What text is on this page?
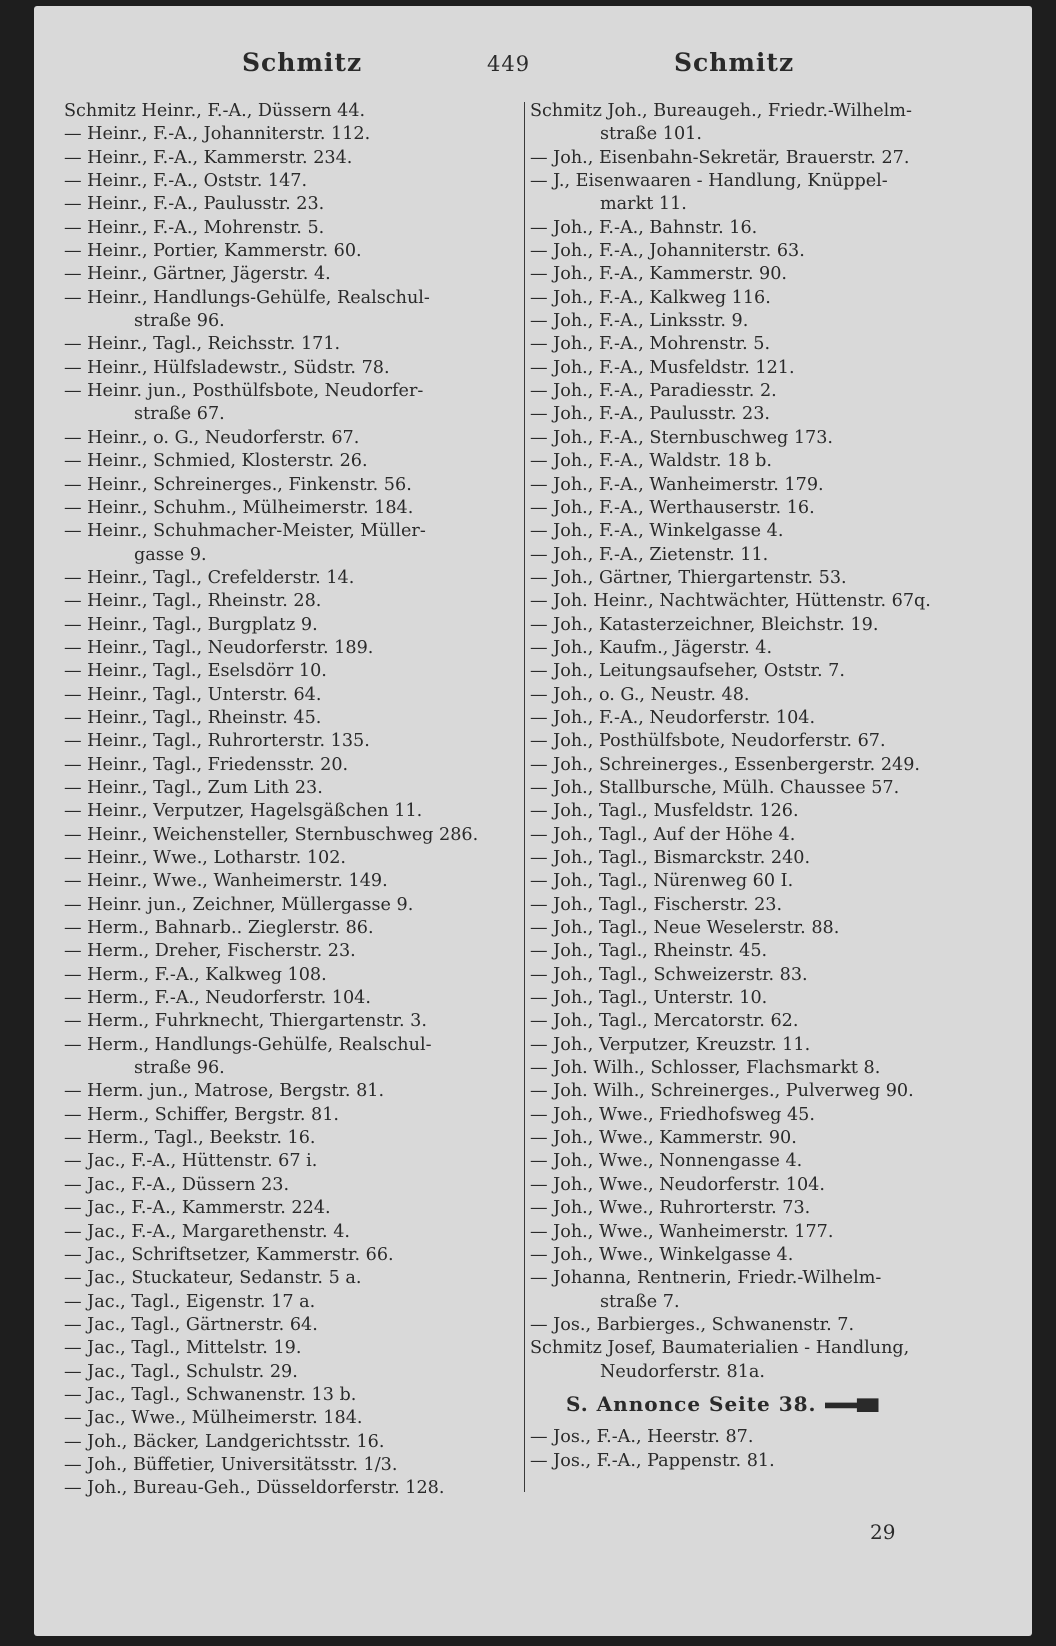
Schmitz	449	Schmitz
Schmitz Heinr., F.-A., Düssern 44.
— Heinr., F.-A., Johanniterstr. 112.
— Heinr., F.-A., Kammerstr. 234.
— Heinr., F.-A., Oststr. 147.
— Heinr., F.-A., Paulusstr. 23.
— Heinr., F.-A., Mohrenstr. 5.
— Heinr., Portier, Kammerstr. 60.
— Heinr., Gärtner, Jägerstr. 4.
— Heinr., Handlungs-Gehülfe, Realschul-
straße 96.
— Heinr., Tagl., Reichsstr. 171.
— Heinr., Hülfsladewstr., Südstr. 78.
— Heinr. jun., Posthülfsbote, Neudorfer-
straße 67.
— Heinr., o. G., Neudorferstr. 67.
— Heinr., Schmied, Klosterstr. 26.
— Heinr., Schreinerges., Finkenstr. 56.
— Heinr., Schuhm., Mülheimerstr. 184.
— Heinr., Schuhmacher-Meister, Müller-
gasse 9.
— Heinr., Tagl., Crefelderstr. 14.
— Heinr., Tagl., Rheinstr. 28.
— Heinr., Tagl., Burgplatz 9.
— Heinr., Tagl., Neudorferstr. 189.
— Heinr., Tagl., Eselsdörr 10.
— Heinr., Tagl., Unterstr. 64.
— Heinr., Tagl., Rheinstr. 45.
— Heinr., Tagl., Ruhrorterstr. 135.
— Heinr., Tagl., Friedensstr. 20.
— Heinr., Tagl., Zum Lith 23.
— Heinr., Verputzer, Hagelsgäßchen 11.
— Heinr., Weichensteller, Sternbuschweg 286.
— Heinr., Wwe., Lotharstr. 102.
— Heinr., Wwe., Wanheimerstr. 149.
— Heinr. jun., Zeichner, Müllergasse 9.
— Herm., Bahnarb.. Zieglerstr. 86.
— Herm., Dreher, Fischerstr. 23.
— Herm., F.-A., Kalkweg 108.
— Herm., F.-A., Neudorferstr. 104.
— Herm., Fuhrknecht, Thiergartenstr. 3.
— Herm., Handlungs-Gehülfe, Realschul-
straße 96.
— Herm. jun., Matrose, Bergstr. 81.
— Herm., Schiffer, Bergstr. 81.
— Herm., Tagl., Beekstr. 16.
— Jac., F.-A., Hüttenstr. 67 i.
— Jac., F.-A., Düssern 23.
— Jac., F.-A., Kammerstr. 224.
— Jac., F.-A., Margarethenstr. 4.
— Jac., Schriftsetzer, Kammerstr. 66.
— Jac., Stuckateur, Sedanstr. 5 a.
— Jac., Tagl., Eigenstr. 17 a.
— Jac., Tagl., Gärtnerstr. 64.
— Jac., Tagl., Mittelstr. 19.
— Jac., Tagl., Schulstr. 29.
— Jac., Tagl., Schwanenstr. 13 b.
— Jac., Wwe., Mülheimerstr. 184.
— Joh., Bäcker, Landgerichtsstr. 16.
— Joh., Büffetier, Universitätsstr. 1/3.
— Joh., Bureau-Geh., Düsseldorferstr. 128.
Schmitz Joh., Bureaugeh., Friedr.-Wilhelm-
straße 101.
— Joh., Eisenbahn-Sekretär, Brauerstr. 27.
— J., Eisenwaaren - Handlung, Knüppel-
markt 11.
— Joh., F.-A., Bahnstr. 16.
— Joh., F.-A., Johanniterstr. 63.
— Joh., F.-A., Kammerstr. 90.
— Joh., F.-A., Kalkweg 116.
— Joh., F.-A., Linksstr. 9.
— Joh., F.-A., Mohrenstr. 5.
— Joh., F.-A., Musfeldstr. 121.
— Joh., F.-A., Paradiesstr. 2.
— Joh., F.-A., Paulusstr. 23.
— Joh., F.-A., Sternbuschweg 173.
— Joh., F.-A., Waldstr. 18 b.
— Joh., F.-A., Wanheimerstr. 179.
— Joh., F.-A., Werthauserstr. 16.
— Joh., F.-A., Winkelgasse 4.
— Joh., F.-A., Zietenstr. 11.
— Joh., Gärtner, Thiergartenstr. 53.
— Joh. Heinr., Nachtwächter, Hüttenstr. 67q.
— Joh., Katasterzeichner, Bleichstr. 19.
— Joh., Kaufm., Jägerstr. 4.
— Joh., Leitungsaufseher, Oststr. 7.
— Joh., o. G., Neustr. 48.
— Joh., F.-A., Neudorferstr. 104.
— Joh., Posthülfsbote, Neudorferstr. 67.
— Joh., Schreinerges., Essenbergerstr. 249.
— Joh., Stallbursche, Mülh. Chaussee 57.
— Joh., Tagl., Musfeldstr. 126.
— Joh., Tagl., Auf der Höhe 4.
— Joh., Tagl., Bismarckstr. 240.
— Joh., Tagl., Nürenweg 60 I.
— Joh., Tagl., Fischerstr. 23.
— Joh., Tagl., Neue Weselerstr. 88.
— Joh., Tagl., Rheinstr. 45.
— Joh., Tagl., Schweizerstr. 83.
— Joh., Tagl., Unterstr. 10.
— Joh., Tagl., Mercatorstr. 62.
— Joh., Verputzer, Kreuzstr. 11.
— Joh. Wilh., Schlosser, Flachsmarkt 8.
— Joh. Wilh., Schreinerges., Pulverweg 90.
— Joh., Wwe., Friedhofsweg 45.
— Joh., Wwe., Kammerstr. 90.
— Joh., Wwe., Nonnengasse 4.
— Joh., Wwe., Neudorferstr. 104.
— Joh., Wwe., Ruhrorterstr. 73.
— Joh., Wwe., Wanheimerstr. 177.
— Joh., Wwe., Winkelgasse 4.
— Johanna, Rentnerin, Friedr.-Wilhelm-
straße 7.
— Jos., Barbierges., Schwanenstr. 7.
Schmitz Josef, Baumaterialien - Handlung,
Neudorferstr. 81a.
S. Annonce Seite 38.
— Jos., F.-A., Heerstr. 87.
— Jos., F.-A., Pappenstr. 81.
29
